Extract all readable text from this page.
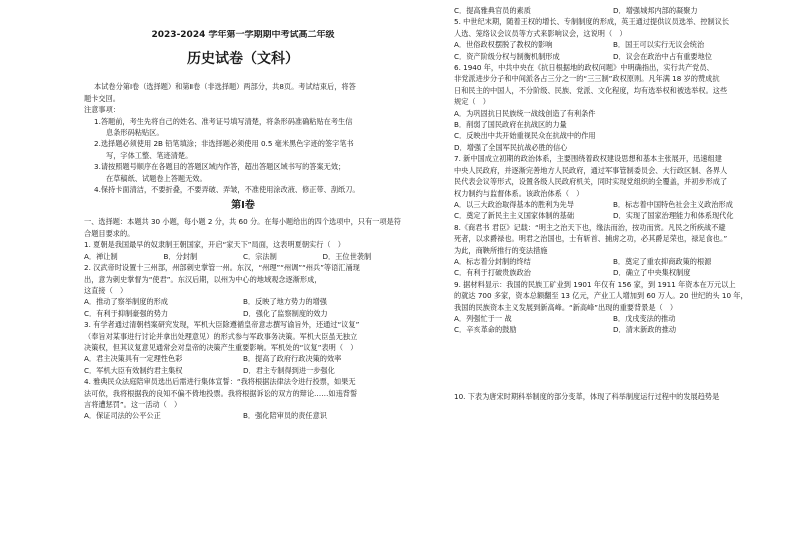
2023-2024 学年第一学期期中考试高二年级

历史试卷（文科）

本试卷分第Ⅰ卷（选择题）和第Ⅱ卷（非选择题）两部分，共8页。考试结束后，将答

题卡交回。

注意事项：

1.答题前，考生先将自己的姓名、准考证号填写清楚，将条形码准确粘贴在考生信

息条形码粘贴区。

2.选择题必须使用 2B 铅笔填涂；非选择题必须使用 0.5 毫米黑色字迹的签字笔书

写，字体工整、笔迹清楚。

3.请按照题号顺序在各题目的答题区域内作答，超出答题区域书写的答案无效；

在草稿纸、试题卷上答题无效。

4.保持卡面清洁，不要折叠，不要弄破、弄皱，不准使用涂改液、修正带、刮纸刀。

第Ⅰ卷

一、选择题：本题共 30 小题，每小题 2 分，共 60 分。在每小题给出的四个选项中，只有一项是符

合题目要求的。

1. 夏朝是我国最早的奴隶制王朝国家，开启“家天下”局面，这表明夏朝实行（　）

A．禅让制	B．分封制	C．宗法制	D．王位世袭制

2. 汉武帝时设置十三州部，州部刺史掌管一州。东汉，“州理”“州调”“州兵”等语汇涌现

出，意为刺史掌督为“使君”。东汉后期，以州为中心的地域观念逐渐形成，

这直接（　）

A．推动了察举制度的形成	B．反映了地方势力的增强
C．有利于抑制豪强的势力	D．强化了监察制度的效力

3. 有学者通过清朝档案研究发现，军机大臣除遵循皇帝意志撰写谕旨外，还通过“议复”

（奉旨对某事进行讨论并拿出处理意见）的形式参与军政事务决策。军机大臣虽无独立

决策权，但其议复意见通常会对皇帝的决策产生重要影响。军机处的“议复”表明（　）

A．君主决策具有一定理性色彩	B．提高了政府行政决策的效率
C．军机大臣有效制约君主集权	D．君主专制得到进一步强化

4. 雅典民众法庭陪审员选出后需进行集体宣誓：“我将根据法律法令进行投票，如果无

法可依，我将根据我的良知不偏不倚地投票。我将根据诉讼的双方的辩论……如违背誓

言将遭惩罚”。这一活动（　）

A．保证司法的公平公正	B．强化陪审员的责任意识
C．提高雅典官员的素质	D．增强城邦内部的凝聚力

5. 中世纪末期，随着王权的增长、专制制度的形成，英王通过提供议员选举、控制议长

人选、笼络议会议员等方式来影响议会，这说明（　）

A．世俗政权摆脱了教权的影响	B．国王可以实行无议会统治
C．资产阶级分权与制衡机制形成	D．议会在政治中占有重要地位

6. 1940 年，中共中央在《抗日根据地的政权问题》中明确指出，实行共产党员、

非党派进步分子和中间派各占三分之一的“三三制”政权原则。凡年满 18 岁的赞成抗

日和民主的中国人，不分阶级、民族、党派、文化程度，均有选举权和被选举权。这些

规定（　）

A．为巩固抗日民族统一战线创造了有利条件

B．削弱了国民政府在抗战区的力量

C．反映出中共开始重视民众在抗战中的作用

D．增强了全国军民抗战必胜的信心

7. 新中国成立初期的政治体系，主要围绕着政权建设思想和基本主张展开，迅速组建

中央人民政府，并逐渐完善地方人民政府，通过军事管制委员会、大行政区制、各界人

民代表会议等形式，设置各级人民政府机关，同时实现党组织的全覆盖，并初步形成了

权力制约与监督体系。该政治体系（　）

A．以三大政治取得基本的胜利为先导	B．标志着中国特色社会主义政治形成
C．奠定了新民主主义国家体制的基础	D．实现了国家治理能力和体系现代化

8.《商君书 君臣》记载：“明主之治天下也，缘法而治，按功而赏。凡民之所疾战不避

死者，以求爵禄也。明君之治国也，士有斩首、捕虏之功，必其爵足荣也，禄足食也。”

为此，商鞅所推行的变法措施

A．标志着分封制的终结	B．奠定了重农抑商政策的根源
C．有利于打破贵族政治	D．确立了中央集权制度

9. 据材料显示：我国的民族工矿业到 1901 年仅有 156 家，到 1911 年资本在万元以上

的就达 700 多家，资本总额翻至 13 亿元，产业工人增加到 60 万人。20 世纪的头 10 年，

我国的民族资本主义发展到新高峰。“新高峰”出现的重要背景是（　）

A．列强忙于一 战	B．戊戌变法的推动
C．辛亥革命的鼓励	D．清末新政的推动

10. 下表为唐宋时期科举制度的部分变革，体现了科举制度运行过程中的发展趋势是
